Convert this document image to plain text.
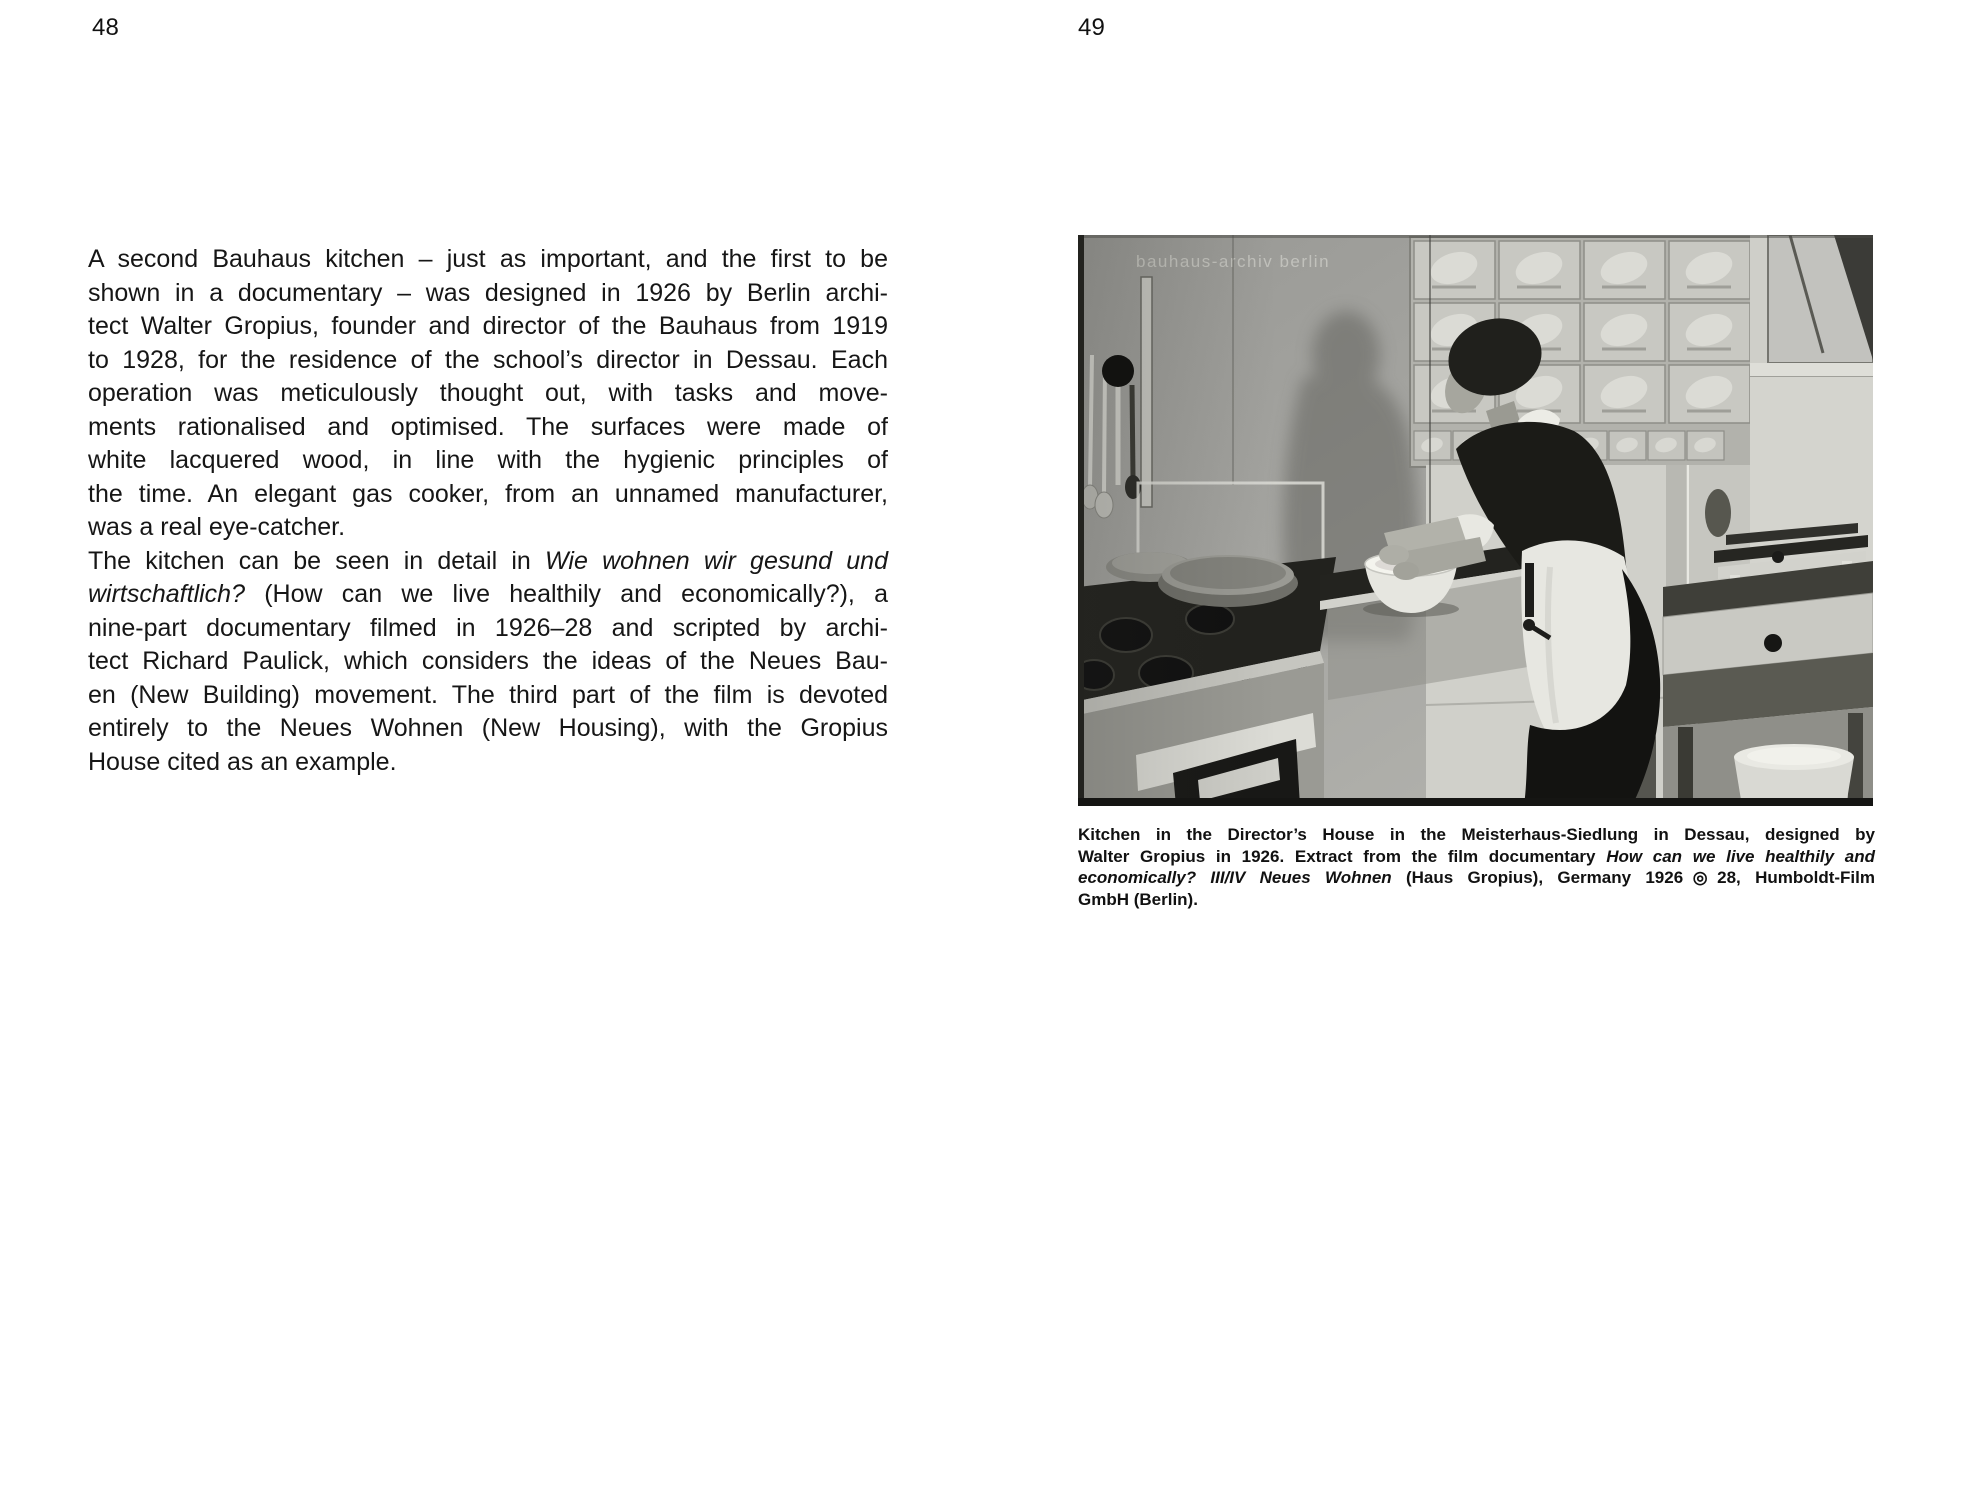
48
A second Bauhaus kitchen – just as important, and the first to be
shown in a documentary – was designed in 1926 by Berlin archi-
tect Walter Gropius, founder and director of the Bauhaus from 1919
to 1928, for the residence of the school’s director in Dessau. Each
operation was meticulously thought out, with tasks and move-
ments rationalised and optimised. The surfaces were made of
white lacquered wood, in line with the hygienic principles of
the time. An elegant gas cooker, from an unnamed manufacturer,
was a real eye-catcher.
The kitchen can be seen in detail in Wie wohnen wir gesund und
wirtschaftlich? (How can we live healthily and economically?), a
nine-part documentary filmed in 1926–28 and scripted by archi-
tect Richard Paulick, which considers the ideas of the Neues Bau-
en (New Building) movement. The third part of the film is devoted
entirely to the Neues Wohnen (New Housing), with the Gropius
House cited as an example.
49
Kitchen in the Director’s House in the Meisterhaus-Siedlung in Dessau, designed by
Walter Gropius in 1926. Extract from the film documentary How can we live healthily and
economically? III/IV Neues Wohnen (Haus Gropius), Germany 1926◎28, Humboldt-Film
GmbH (Berlin).
